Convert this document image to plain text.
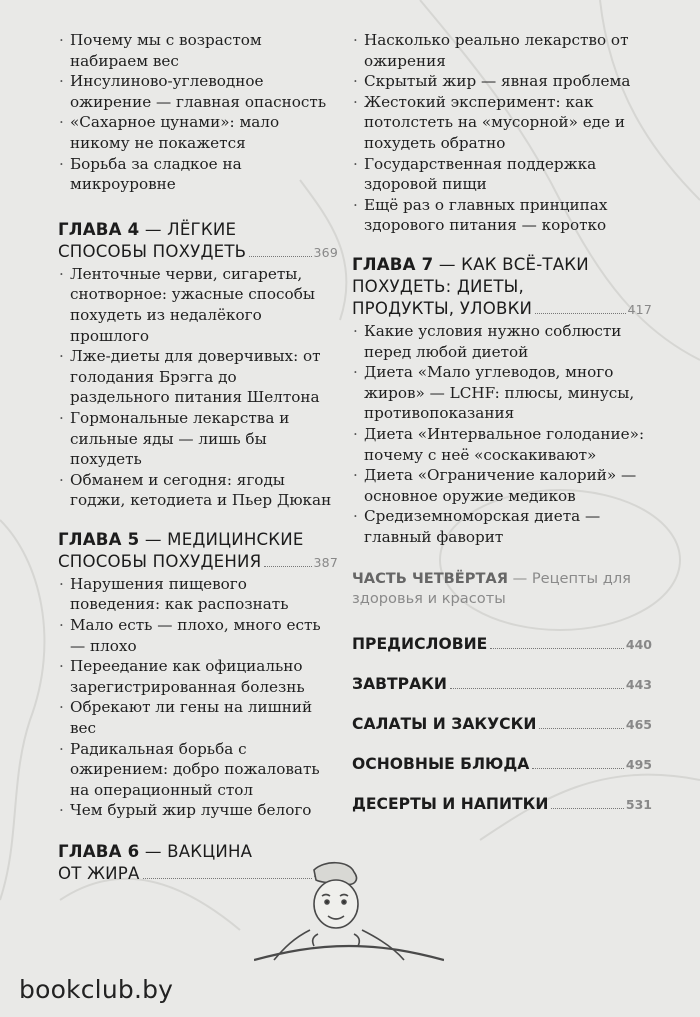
· Почему мы с возрастом набираем вес
· Инсулиново-углеводное ожирение — главная опасность
· «Сахарное цунами»: мало никому не покажется
· Борьба за сладкое на микроуровне
ГЛАВА 4 — ЛЁГКИЕ
СПОСОБЫ ПОХУДЕТЬ	369
· Ленточные черви, сигареты, снотворное: ужасные способы похудеть из недалёкого прошлого
· Лже-диеты для доверчивых: от голодания Брэгга до раздельного питания Шелтона
· Гормональные лекарства и сильные яды — лишь бы похудеть
· Обманем и сегодня: ягоды годжи, кетодиета и Пьер Дюкан
ГЛАВА 5 — МЕДИЦИНСКИЕ
СПОСОБЫ ПОХУДЕНИЯ	387
· Нарушения пищевого поведения: как распознать
· Мало есть — плохо, много есть — плохо
· Переедание как официально зарегистрированная болезнь
· Обрекают ли гены на лишний вес
· Радикальная борьба с ожирением: добро пожаловать на операционный стол
· Чем бурый жир лучше белого
ГЛАВА 6 — ВАКЦИНА
ОТ ЖИРА
· Насколько реально лекарство от ожирения
· Скрытый жир — явная проблема
· Жестокий эксперимент: как потолстеть на «мусорной» еде и похудеть обратно
· Государственная поддержка здоровой пищи
· Ещё раз о главных принципах здорового питания — коротко
ГЛАВА 7 — КАК ВСЁ-ТАКИ
ПОХУДЕТЬ: ДИЕТЫ,
ПРОДУКТЫ, УЛОВКИ	417
· Какие условия нужно соблюсти перед любой диетой
· Диета «Мало углеводов, много жиров» — LCHF: плюсы, минусы, противопоказания
· Диета «Интервальное голодание»: почему с неё «соскакивают»
· Диета «Ограничение калорий» — основное оружие медиков
· Средиземноморская диета — главный фаворит
ЧАСТЬ ЧЕТВЁРТАЯ — Рецепты для здоровья и красоты
ПРЕДИСЛОВИЕ	440
ЗАВТРАКИ	443
САЛАТЫ И ЗАКУСКИ	465
ОСНОВНЫЕ БЛЮДА	495
ДЕСЕРТЫ И НАПИТКИ	531
bookclub.by
